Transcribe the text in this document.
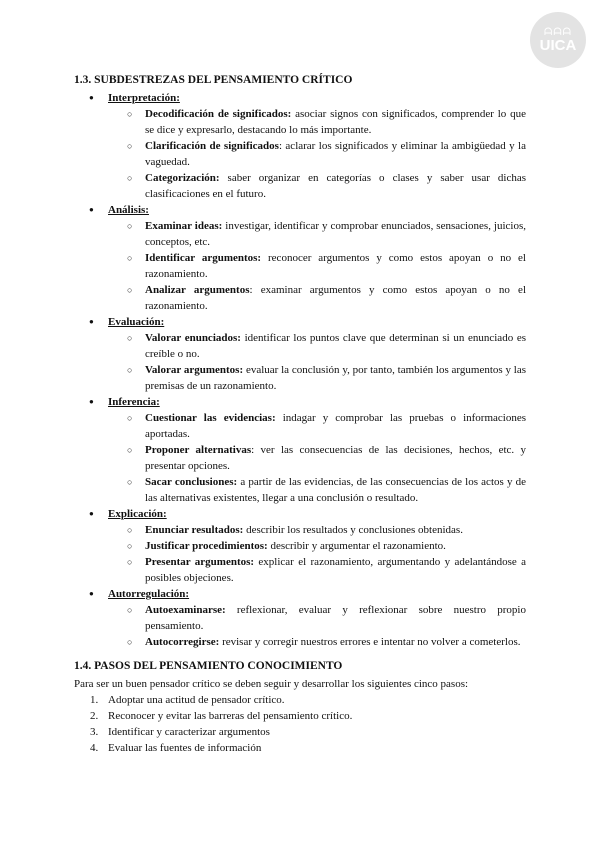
ᗩᗩᗩ
UICA
1.3. SUBDESTREZAS DEL PENSAMIENTO CRÍTICO
● Interpretación:
○ Decodificación de significados: asociar signos con significados, comprender lo que se dice y expresarlo, destacando lo más importante.
○ Clarificación de significados: aclarar los significados y eliminar la ambigüedad y la vaguedad.
○ Categorización: saber organizar en categorías o clases y saber usar dichas clasificaciones en el futuro.
● Análisis:
○ Examinar ideas: investigar, identificar y comprobar enunciados, sensaciones, juicios, conceptos, etc.
○ Identificar argumentos: reconocer argumentos y como estos apoyan o no el razonamiento.
○ Analizar argumentos: examinar argumentos y como estos apoyan o no el razonamiento.
● Evaluación:
○ Valorar enunciados: identificar los puntos clave que determinan si un enunciado es creíble o no.
○ Valorar argumentos: evaluar la conclusión y, por tanto, también los argumentos y las premisas de un razonamiento.
● Inferencia:
○ Cuestionar las evidencias: indagar y comprobar las pruebas o informaciones aportadas.
○ Proponer alternativas: ver las consecuencias de las decisiones, hechos, etc. y presentar opciones.
○ Sacar conclusiones: a partir de las evidencias, de las consecuencias de los actos y de las alternativas existentes, llegar a una conclusión o resultado.
● Explicación:
○ Enunciar resultados: describir los resultados y conclusiones obtenidas.
○ Justificar procedimientos: describir y argumentar el razonamiento.
○ Presentar argumentos: explicar el razonamiento, argumentando y adelantándose a posibles objeciones.
● Autorregulación:
○ Autoexaminarse: reflexionar, evaluar y reflexionar sobre nuestro propio pensamiento.
○ Autocorregirse: revisar y corregir nuestros errores e intentar no volver a cometerlos.
1.4. PASOS DEL PENSAMIENTO CONOCIMIENTO

Para ser un buen pensador crítico se deben seguir y desarrollar los siguientes cinco pasos:

1. Adoptar una actitud de pensador crítico.
2. Reconocer y evitar las barreras del pensamiento crítico.
3. Identificar y caracterizar argumentos
4. Evaluar las fuentes de información
